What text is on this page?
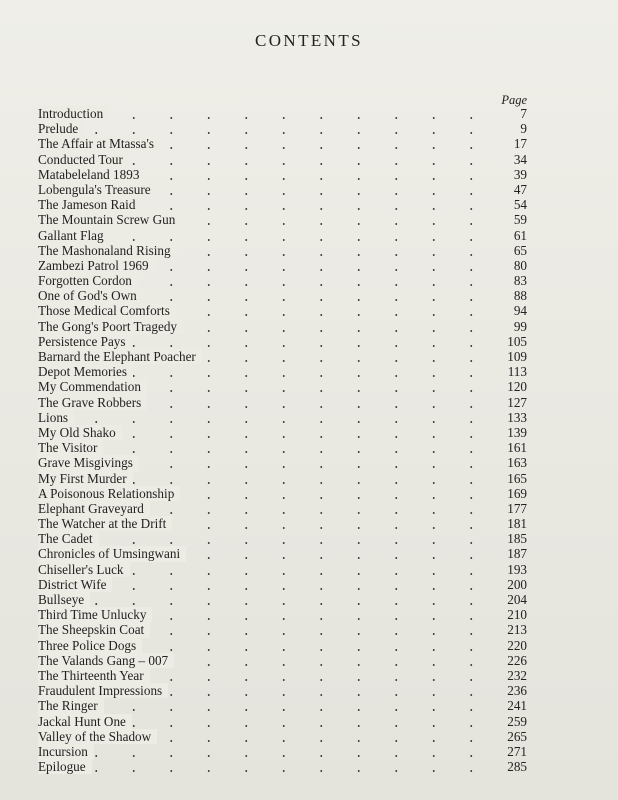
CONTENTS
Page
Introduction	7
Prelude	9
The Affair at Mtassa's	17
Conducted Tour	34
Matabeleland 1893	39
Lobengula's Treasure	47
The Jameson Raid	54
The Mountain Screw Gun	59
Gallant Flag	61
The Mashonaland Rising	65
Zambezi Patrol 1969	80
Forgotten Cordon	83
One of God's Own	88
Those Medical Comforts	94
The Gong's Poort Tragedy	99
Persistence Pays	105
Barnard the Elephant Poacher	109
Depot Memories	113
My Commendation	120
The Grave Robbers	127
Lions	133
My Old Shako	139
The Visitor	161
Grave Misgivings	163
My First Murder	165
A Poisonous Relationship	169
Elephant Graveyard	177
The Watcher at the Drift	181
The Cadet	185
Chronicles of Umsingwani	187
Chiseller's Luck	193
District Wife	200
Bullseye	204
Third Time Unlucky	210
The Sheepskin Coat	213
Three Police Dogs	220
The Valands Gang – 007	226
The Thirteenth Year	232
Fraudulent Impressions	236
The Ringer	241
Jackal Hunt One	259
Valley of the Shadow	265
Incursion	271
Epilogue	285
